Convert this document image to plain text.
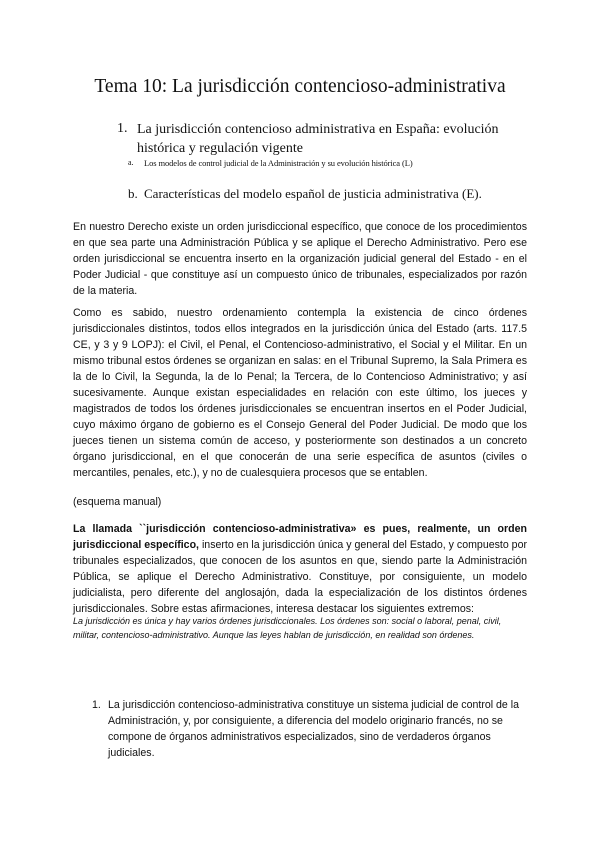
Tema 10: La jurisdicción contencioso-administrativa
1. La jurisdicción contencioso administrativa en España: evolución histórica y regulación vigente
a. Los modelos de control judicial de la Administración y su evolución histórica (L)
b. Características del modelo español de justicia administrativa (E).

En nuestro Derecho existe un orden jurisdiccional específico, que conoce de los procedimientos en que sea parte una Administración Pública y se aplique el Derecho Administrativo. Pero ese orden jurisdiccional se encuentra inserto en la organización judicial general del Estado - en el Poder Judicial - que constituye así un compuesto único de tribunales, especializados por razón de la materia.

Como es sabido, nuestro ordenamiento contempla la existencia de cinco órdenes jurisdiccionales distintos, todos ellos integrados en la jurisdicción única del Estado (arts. 117.5 CE, y 3 y 9 LOPJ): el Civil, el Penal, el Contencioso-administrativo, el Social y el Militar. En un mismo tribunal estos órdenes se organizan en salas: en el Tribunal Supremo, la Sala Primera es la de lo Civil, la Segunda, la de lo Penal; la Tercera, de lo Contencioso Administrativo; y así sucesivamente. Aunque existan especialidades en relación con este último, los jueces y magistrados de todos los órdenes jurisdiccionales se encuentran insertos en el Poder Judicial, cuyo máximo órgano de gobierno es el Consejo General del Poder Judicial. De modo que los jueces tienen un sistema común de acceso, y posteriormente son destinados a un concreto órgano jurisdiccional, en el que conocerán de una serie específica de asuntos (civiles o mercantiles, penales, etc.), y no de cualesquiera procesos que se entablen.

(esquema manual)

La llamada ``jurisdicción contencioso-administrativa» es pues, realmente, un orden jurisdiccional específico, inserto en la jurisdicción única y general del Estado, y compuesto por tribunales especializados, que conocen de los asuntos en que, siendo parte la Administración Pública, se aplique el Derecho Administrativo. Constituye, por consiguiente, un modelo judicialista, pero diferente del anglosajón, dada la especialización de los distintos órdenes jurisdiccionales. Sobre estas afirmaciones, interesa destacar los siguientes extremos:

La jurisdicción es única y hay varios órdenes jurisdiccionales. Los órdenes son: social o laboral, penal, civil, militar, contencioso-administrativo. Aunque las leyes hablan de jurisdicción, en realidad son órdenes.

1. La jurisdicción contencioso-administrativa constituye un sistema judicial de control de la Administración, y, por consiguiente, a diferencia del modelo originario francés, no se compone de órganos administrativos especializados, sino de verdaderos órganos judiciales.
